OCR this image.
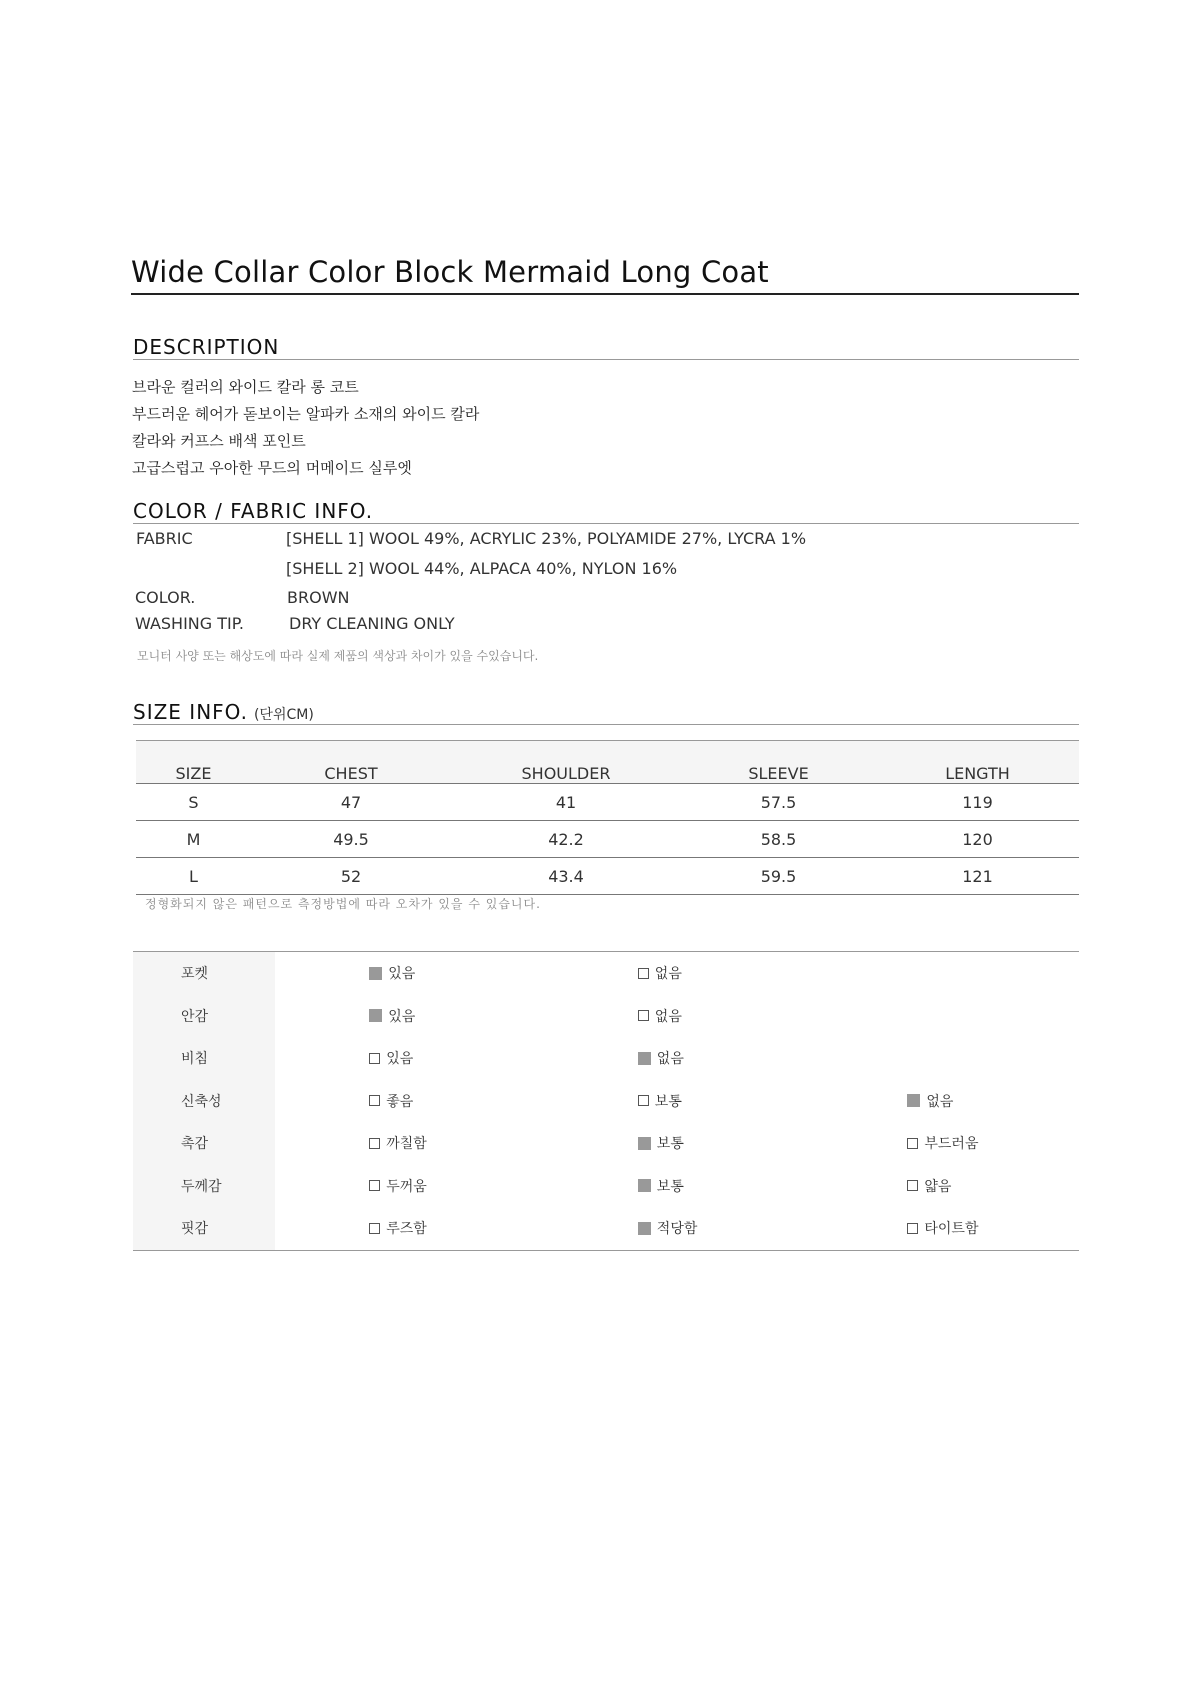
Wide Collar Color Block Mermaid Long Coat
DESCRIPTION
브라운 컬러의 와이드 칼라 롱 코트
부드러운 헤어가 돋보이는 알파카 소재의 와이드 칼라
칼라와 커프스 배색 포인트
고급스럽고 우아한 무드의 머메이드 실루엣
COLOR / FABRIC INFO.
FABRIC	[SHELL 1] WOOL 49%, ACRYLIC 23%, POLYAMIDE 27%, LYCRA 1%
[SHELL 2] WOOL 44%, ALPACA 40%, NYLON 16%
COLOR.	BROWN
WASHING TIP.	DRY CLEANING ONLY
모니터 사양 또는 해상도에 따라 실제 제품의 색상과 차이가 있을 수있습니다.
SIZE INFO. (단위CM)
SIZE	CHEST	SHOULDER	SLEEVE	LENGTH
S	47	41	57.5	119
M	49.5	42.2	58.5	120
L	52	43.4	59.5	121
정형화되지 않은 패턴으로 측정방법에 따라 오차가 있을 수 있습니다.
포켓	있음	없음	

안감	있음	없음	

비침	있음	없음	

신축성	좋음	보통	없음

촉감	까칠함	보통	부드러움

두께감	두꺼움	보통	얇음

핏감	루즈함	적당함	타이트함
